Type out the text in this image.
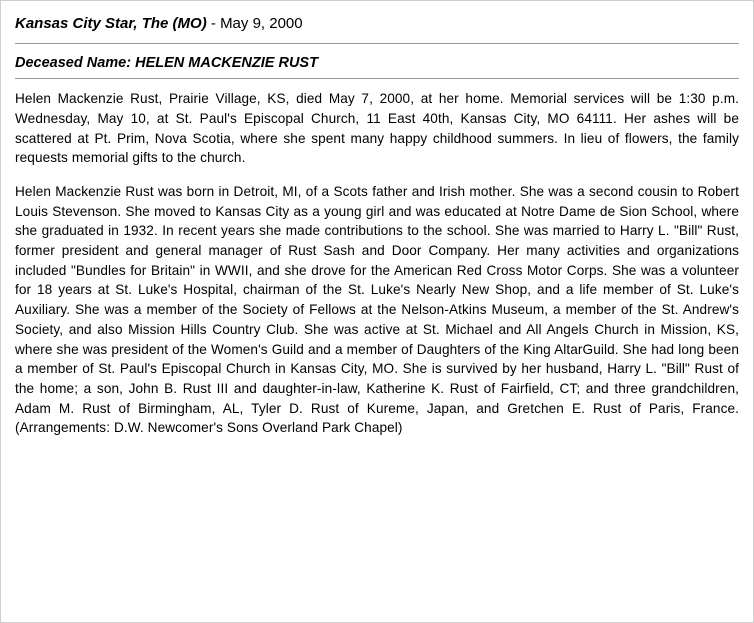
Kansas City Star, The (MO) - May 9, 2000
Deceased Name: HELEN MACKENZIE RUST

Helen Mackenzie Rust, Prairie Village, KS, died May 7, 2000, at her home. Memorial services will be 1:30 p.m. Wednesday, May 10, at St. Paul's Episcopal Church, 11 East 40th, Kansas City, MO 64111. Her ashes will be scattered at Pt. Prim, Nova Scotia, where she spent many happy childhood summers. In lieu of flowers, the family requests memorial gifts to the church.

Helen Mackenzie Rust was born in Detroit, MI, of a Scots father and Irish mother. She was a second cousin to Robert Louis Stevenson. She moved to Kansas City as a young girl and was educated at Notre Dame de Sion School, where she graduated in 1932. In recent years she made contributions to the school. She was married to Harry L. "Bill" Rust, former president and general manager of Rust Sash and Door Company. Her many activities and organizations included "Bundles for Britain" in WWII, and she drove for the American Red Cross Motor Corps. She was a volunteer for 18 years at St. Luke's Hospital, chairman of the St. Luke's Nearly New Shop, and a life member of St. Luke's Auxiliary. She was a member of the Society of Fellows at the Nelson-Atkins Museum, a member of the St. Andrew's Society, and also Mission Hills Country Club. She was active at St. Michael and All Angels Church in Mission, KS, where she was president of the Women's Guild and a member of Daughters of the King AltarGuild. She had long been a member of St. Paul's Episcopal Church in Kansas City, MO. She is survived by her husband, Harry L. "Bill" Rust of the home; a son, John B. Rust III and daughter-in-law, Katherine K. Rust of Fairfield, CT; and three grandchildren, Adam M. Rust of Birmingham, AL, Tyler D. Rust of Kureme, Japan, and Gretchen E. Rust of Paris, France. (Arrangements: D.W. Newcomer's Sons Overland Park Chapel)
